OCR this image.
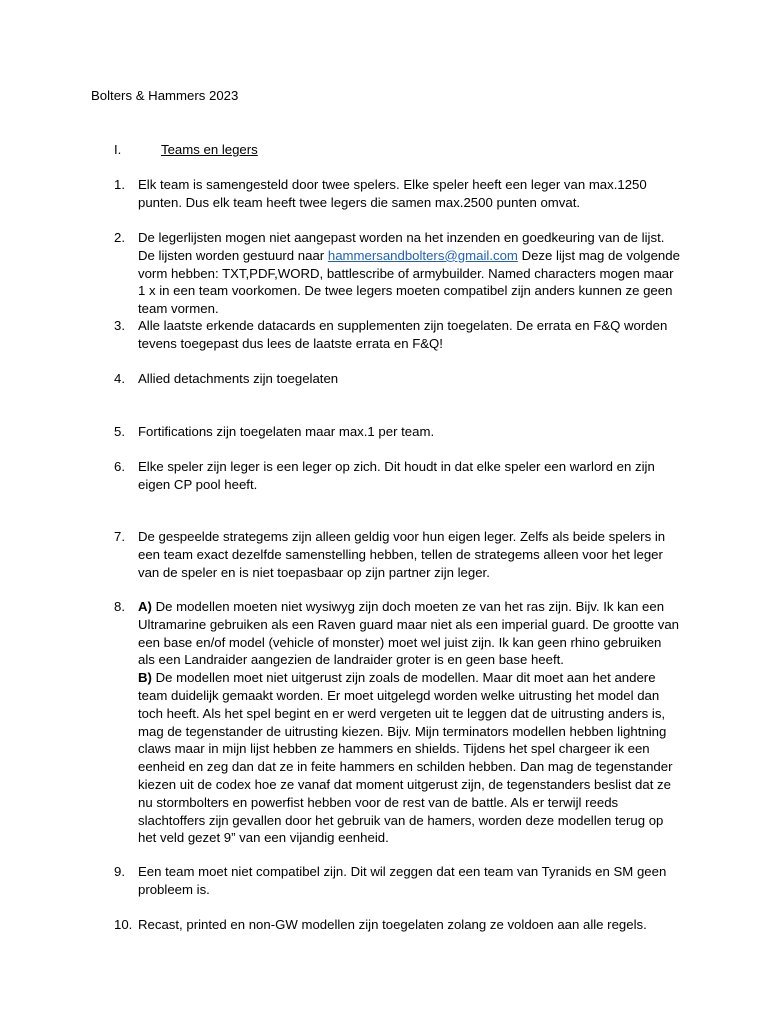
Bolters & Hammers 2023
I.	Teams en legers
1. Elk team is samengesteld door twee spelers. Elke speler heeft een leger van max.1250 punten. Dus elk team heeft twee legers die samen max.2500 punten omvat.
2. De legerlijsten mogen niet aangepast worden na het inzenden en goedkeuring van de lijst. De lijsten worden gestuurd naar hammersandbolters@gmail.com Deze lijst mag de volgende vorm hebben: TXT,PDF,WORD, battlescribe of armybuilder. Named characters mogen maar 1 x in een team voorkomen. De twee legers moeten compatibel zijn anders kunnen ze geen team vormen.
3. Alle laatste erkende datacards en supplementen zijn toegelaten. De errata en F&Q worden tevens toegepast dus lees de laatste errata en F&Q!
4. Allied detachments zijn toegelaten
5. Fortifications zijn toegelaten maar max.1 per team.
6. Elke speler zijn leger is een leger op zich. Dit houdt in dat elke speler een warlord en zijn eigen CP pool heeft.
7. De gespeelde strategems zijn alleen geldig voor hun eigen leger. Zelfs als beide spelers in een team exact dezelfde samenstelling hebben, tellen de strategems alleen voor het leger van de speler en is niet toepasbaar op zijn partner zijn leger.
8. A) De modellen moeten niet wysiwyg zijn doch moeten ze van het ras zijn. Bijv. Ik kan een Ultramarine gebruiken als een Raven guard maar niet als een imperial guard. De grootte van een base en/of model (vehicle of monster) moet wel juist zijn. Ik kan geen rhino gebruiken als een Landraider aangezien de landraider groter is en geen base heeft.
B) De modellen moet niet uitgerust zijn zoals de modellen. Maar dit moet aan het andere team duidelijk gemaakt worden. Er moet uitgelegd worden welke uitrusting het model dan toch heeft. Als het spel begint en er werd vergeten uit te leggen dat de uitrusting anders is, mag de tegenstander de uitrusting kiezen. Bijv. Mijn terminators modellen hebben lightning claws maar in mijn lijst hebben ze hammers en shields. Tijdens het spel chargeer ik een eenheid en zeg dan dat ze in feite hammers en schilden hebben. Dan mag de tegenstander kiezen uit de codex hoe ze vanaf dat moment uitgerust zijn, de tegenstanders beslist dat ze nu stormbolters en powerfist hebben voor de rest van de battle. Als er terwijl reeds slachtoffers zijn gevallen door het gebruik van de hamers, worden deze modellen terug op het veld gezet 9” van een vijandig eenheid.
9. Een team moet niet compatibel zijn. Dit wil zeggen dat een team van Tyranids en SM geen probleem is.
10. Recast, printed en non-GW modellen zijn toegelaten zolang ze voldoen aan alle regels.
